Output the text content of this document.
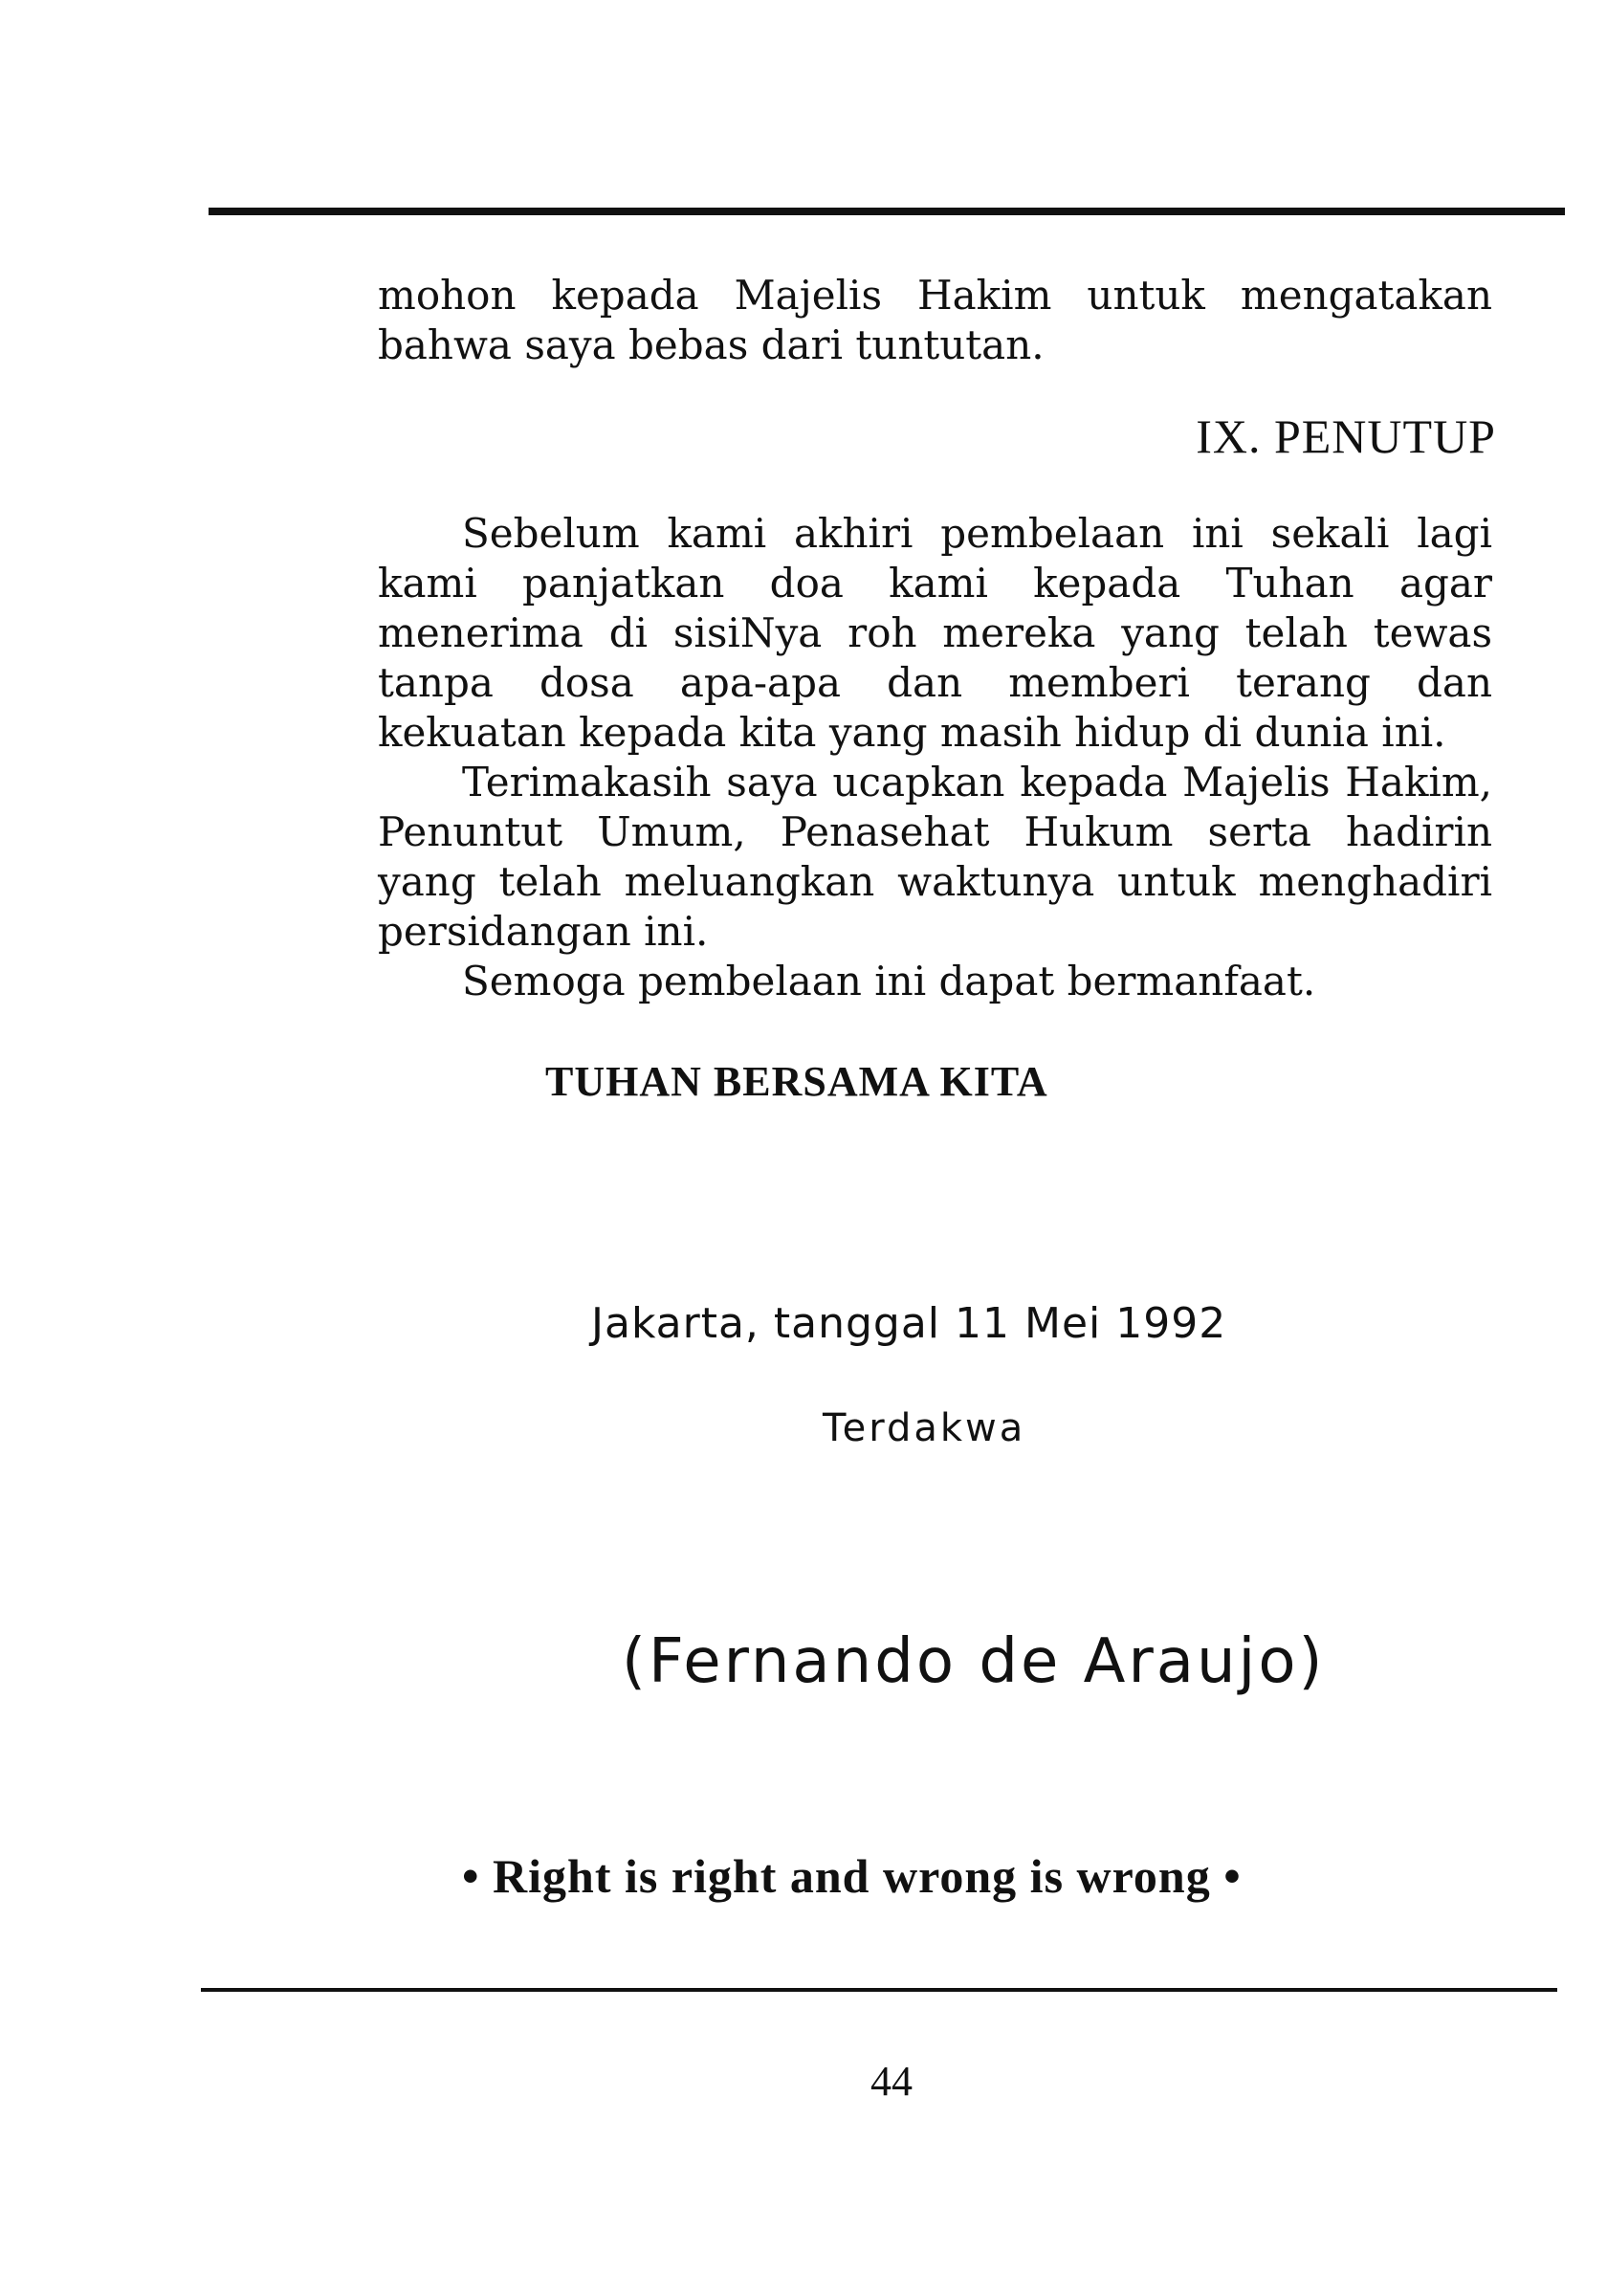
mohon kepada Majelis Hakim untuk mengatakan bahwa saya bebas dari tuntutan.

IX. PENUTUP

Sebelum kami akhiri pembelaan ini sekali lagi kami panjatkan doa kami kepada Tuhan agar menerima di sisiNya roh mereka yang telah tewas tanpa dosa apa-apa dan memberi terang dan kekuatan kepada kita yang masih hidup di dunia ini.

Terimakasih saya ucapkan kepada Majelis Hakim, Penuntut Umum, Penasehat Hukum serta hadirin yang telah meluangkan waktunya untuk menghadiri persidangan ini.

Semoga pembelaan ini dapat bermanfaat.

TUHAN BERSAMA KITA
Jakarta, tanggal 11 Mei 1992
Terdakwa
(Fernando de Araujo)
• Right is right and wrong is wrong •
44
